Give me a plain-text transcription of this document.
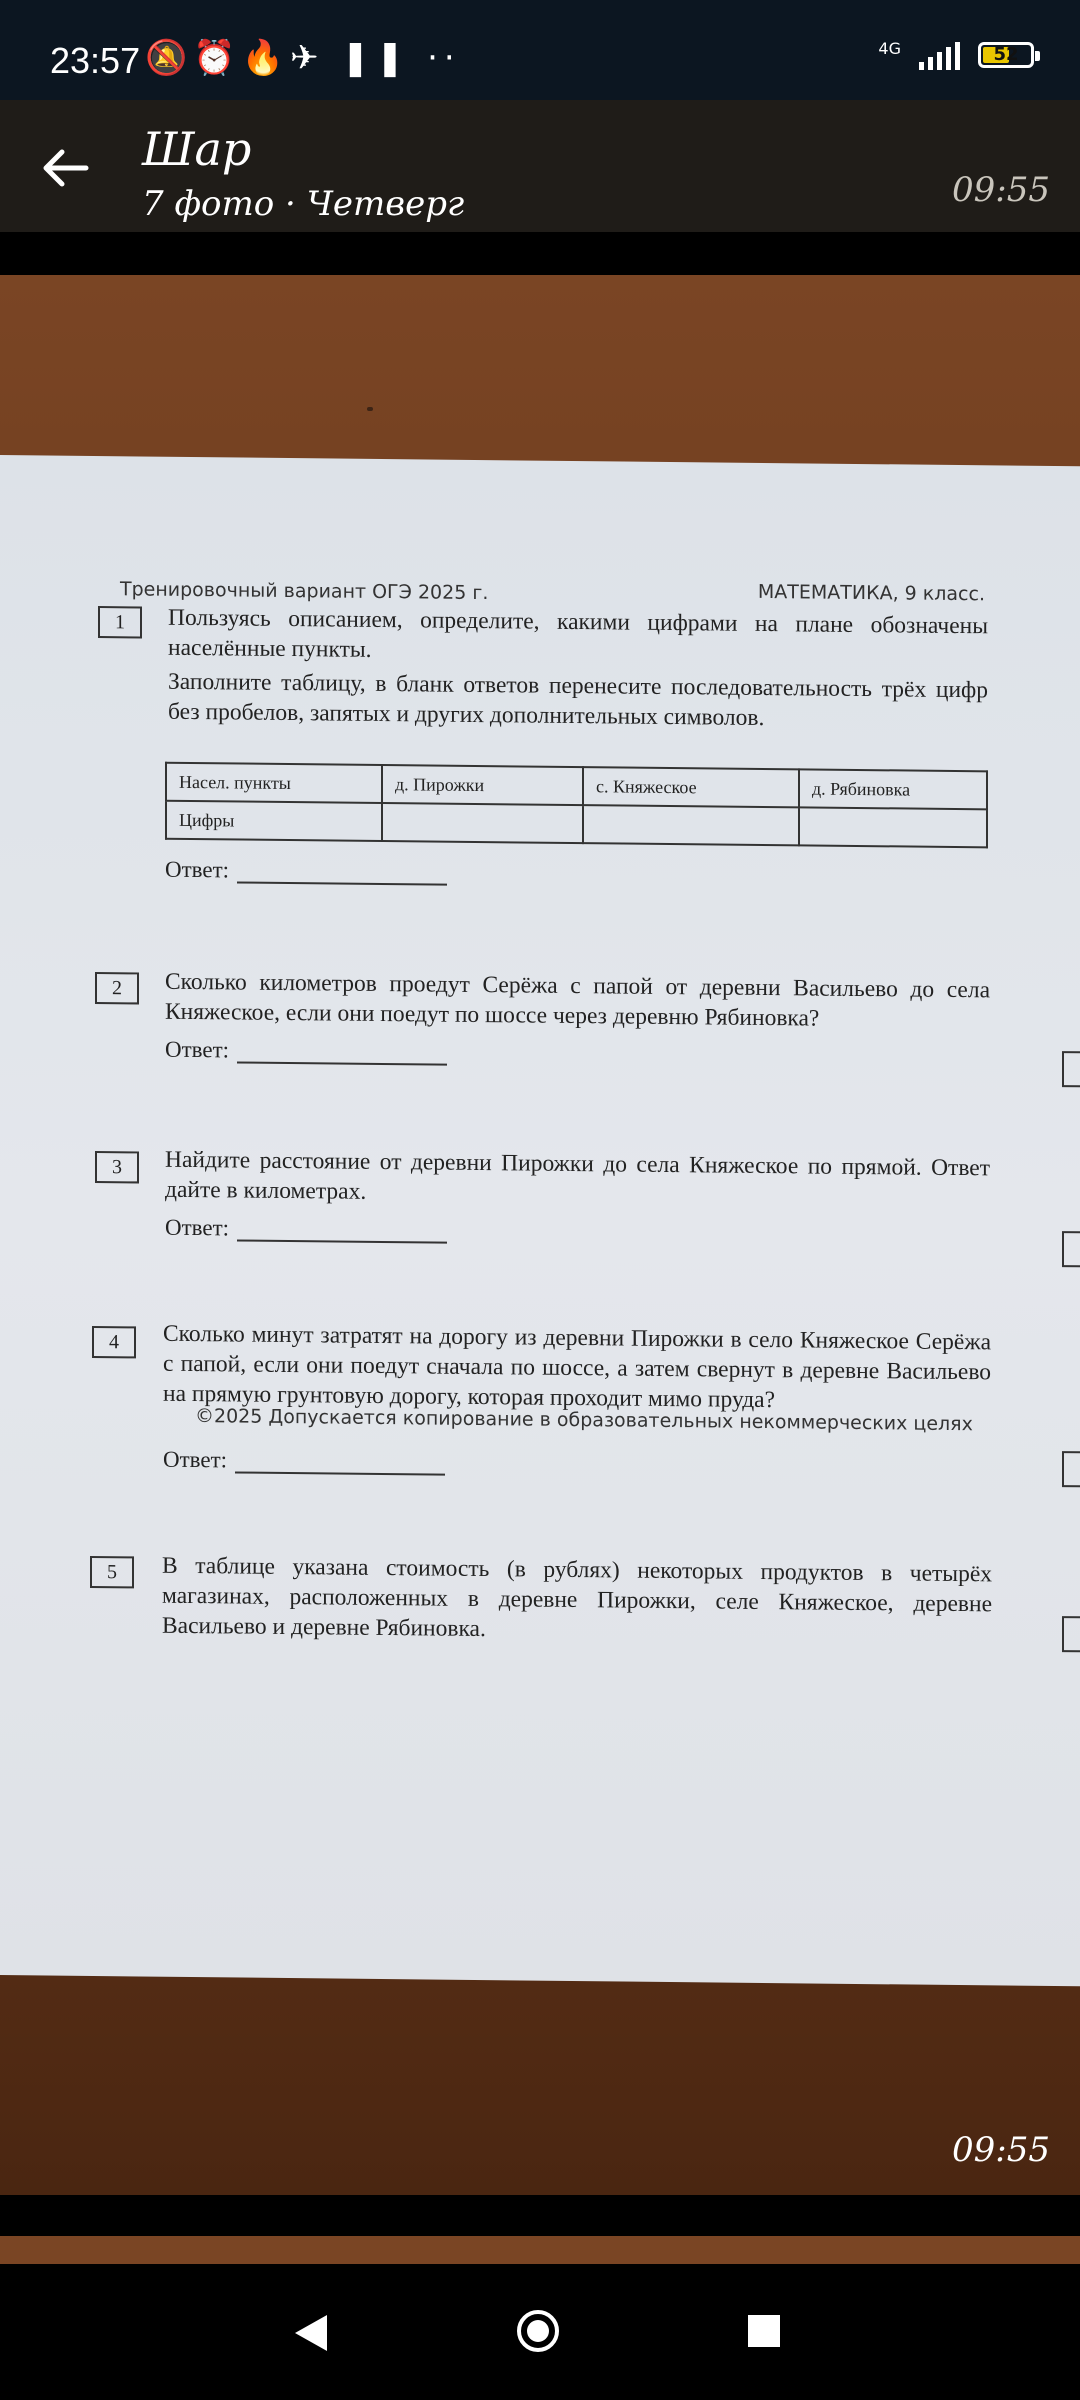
23:57 🔕⏰🔥✈ ❚❚ ··	4G	52
Шар
7 фото · Четверг	09:55
Тренировочный вариант ОГЭ 2025 г.	МАТЕМАТИКА, 9 класс.
1	Пользуясь описанием, определите, какими цифрами на плане обозначены населённые пункты.
Заполните таблицу, в бланк ответов перенесите последовательность трёх цифр без пробелов, запятых и других дополнительных символов.
Насел. пункты	д. Пирожки	с. Княжеское	д. Рябиновка
Цифры			
Ответ:
2	Сколько километров проедут Серёжа с папой от деревни Васильево до села Княжеское, если они поедут по шоссе через деревню Рябиновка?
Ответ:
3	Найдите расстояние от деревни Пирожки до села Княжеское по прямой. Ответ дайте в километрах.
Ответ:
4	Сколько минут затратят на дорогу из деревни Пирожки в село Княжеское Серёжа с папой, если они поедут сначала по шоссе, а затем свернут в деревне Васильево на прямую грунтовую дорогу, которая проходит мимо пруда?
Ответ:
5	В таблице указана стоимость (в рублях) некоторых продуктов в четырёх магазинах, расположенных в деревне Пирожки, селе Княжеское, деревне Васильево и деревне Рябиновка.
©2025 Допускается копирование в образовательных некоммерческих целях
09:55
